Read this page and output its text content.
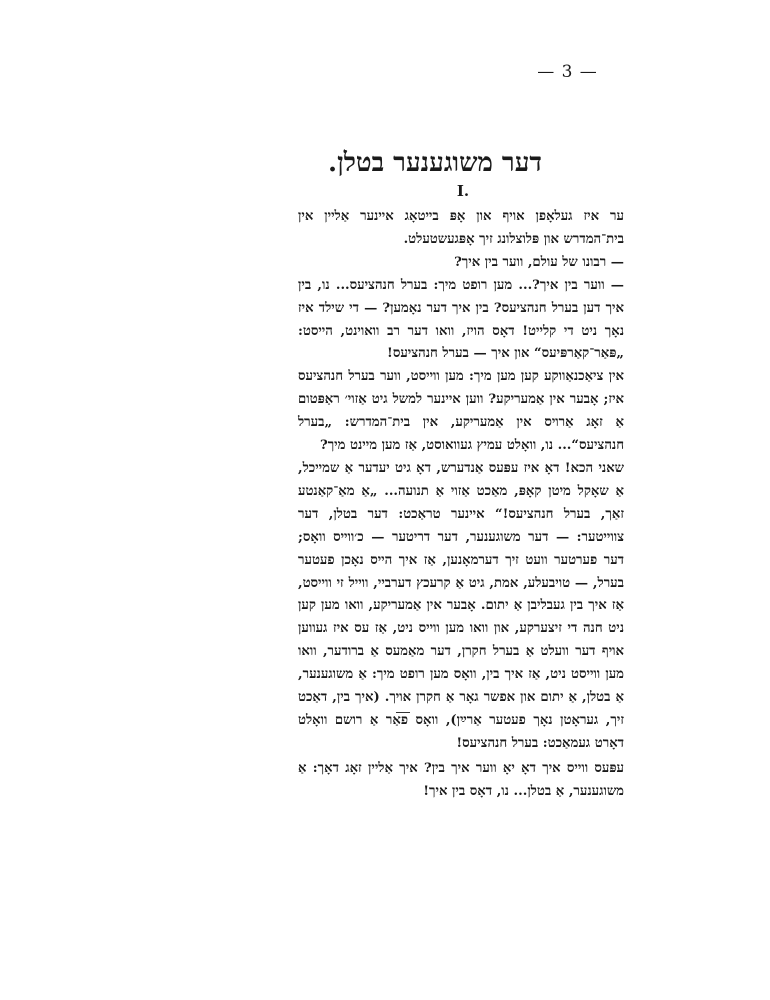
— 3 —
דער משוגענער בטלן.
I.

ער איז געלאָפן אויף און אָפּ בייטאָג איינער אַליין אין בית־המדרש און פּלוצלונג זיך אָפּגעשטעלט.

— רבונו של עולם, ווער בין איך?

— ווער בין איך?... מען רופט מיך: בערל חנהציעס... נו, בין איך דען בערל חנהציעס? בין איך דער נאָמען? — די שילד איז נאָך ניט די קלייט! דאָס הויז, וואו דער רב וואוינט, הייסט: „פּאַר־קאַרפּיעס“ און איך — בערל חנהציעס!

אין ציאַכנאַווקע קען מען מיך: מען ווייסט, ווער בערל חנהציעס איז; אָבער אין אַמעריקע? ווען איינער למשל גיט אַזוי׳ ראַפּטום אַ זאָג אַרויס אין אַמעריקע, אין בית־המדרש: „בערל חנהציעס“... נו, וואָלט עמיץ געוואוסט, אַז מען מיינט מיך?

שאני הכא! דאָ איז עפּעס אַנדערש, דאָ גיט יעדער אַ שמייכל, אַ שאָקל מיטן קאָפּ, מאַכט אַזוי אַ תנועה... „אַ מאַ־קאַנטע זאַך, בערל חנהציעס!“ איינער טראַכט: דער בטלן, דער צווייטער: — דער משוגענער, דער דריטער — כ׳ווייס וואָס; דער פערטער וועט זיך דערמאָנען, אַז איך הייס נאָכן פעטער בערל, — טויבעלע, אמת, גיט אַ קרעכץ דערביי, ווייל זי ווייסט, אַז איך בין געבליבן אַ יתום. אָבער אין אַמעריקע, וואו מען קען ניט חנה די זיצערקע, און וואו מען ווייס ניט, אַז עס איז געווען אויף דער וועלט אַ בערל חקרן, דער מאַמעס אַ ברודער, וואו מען ווייסט ניט, אַז איך בין, וואָס מען רופט מיך: אַ משוגענער, אַ בטלן, אַ יתום און אפשר גאָר אַ חקרן אויך. (איך בין, דאַכט זיך, געראָטן נאָך פעטער אַרײַן), וואָס פאַר אַ רושם וואָלט דאָרט געמאַכט: בערל חנהציעס!

עפּעס ווייס איך דאָ יאָ ווער איך בין? איך אַליין זאָג דאָך: אַ משוגענער, אַ בטלן... נו, דאָס בין איך!
